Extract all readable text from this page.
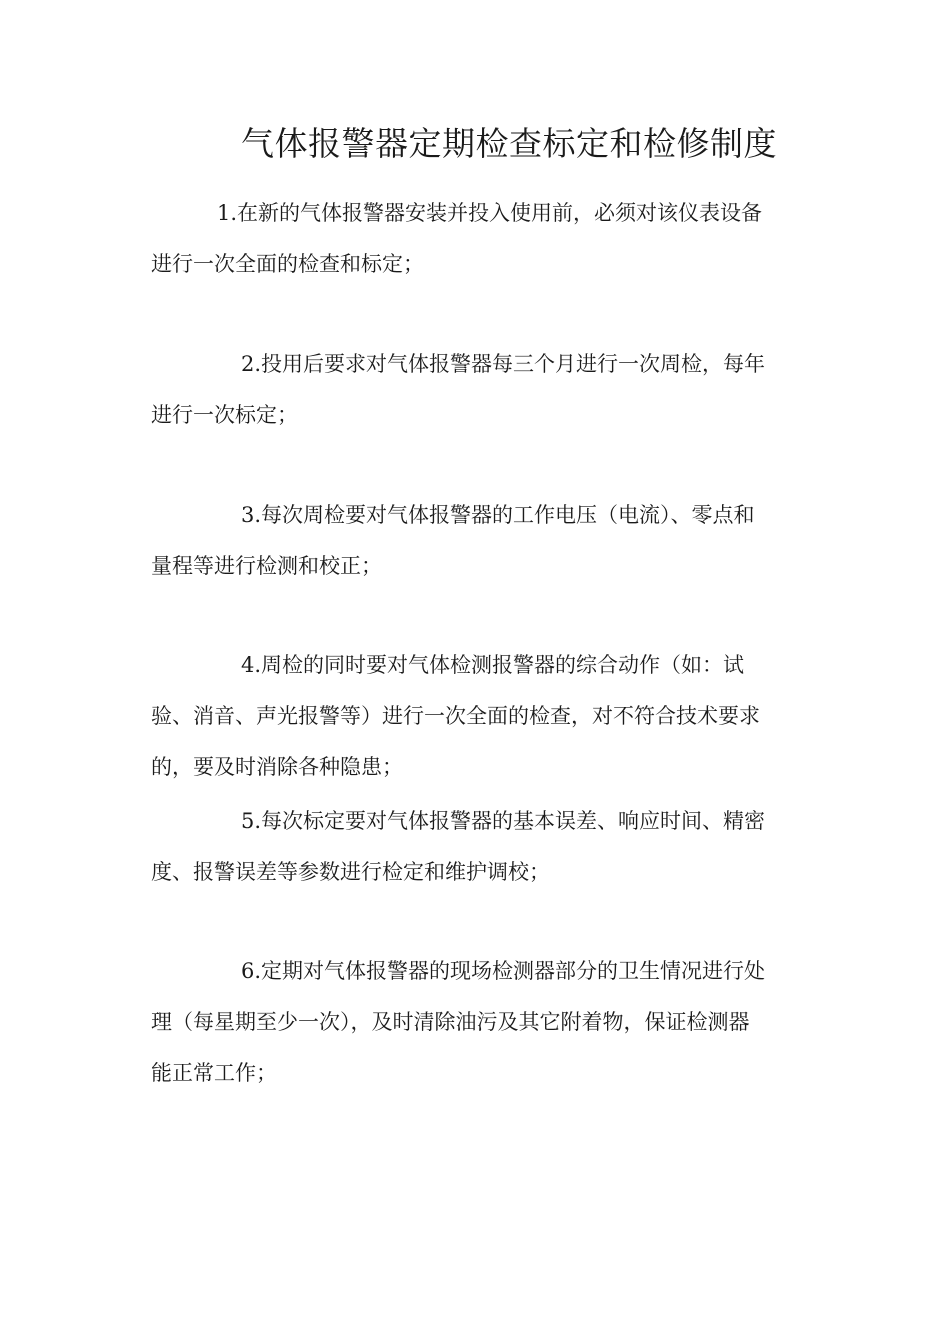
气体报警器定期检查标定和检修制度

1.在新的气体报警器安装并投入使用前，必须对该仪表设备
进行一次全面的检查和标定；

2.投用后要求对气体报警器每三个月进行一次周检，每年
进行一次标定；

3.每次周检要对气体报警器的工作电压（电流）、零点和
量程等进行检测和校正；

4.周检的同时要对气体检测报警器的综合动作（如：试
验、消音、声光报警等）进行一次全面的检查，对不符合技术要求
的，要及时消除各种隐患；

5.每次标定要对气体报警器的基本误差、响应时间、精密
度、报警误差等参数进行检定和维护调校；

6.定期对气体报警器的现场检测器部分的卫生情况进行处
理（每星期至少一次），及时清除油污及其它附着物，保证检测器
能正常工作；
